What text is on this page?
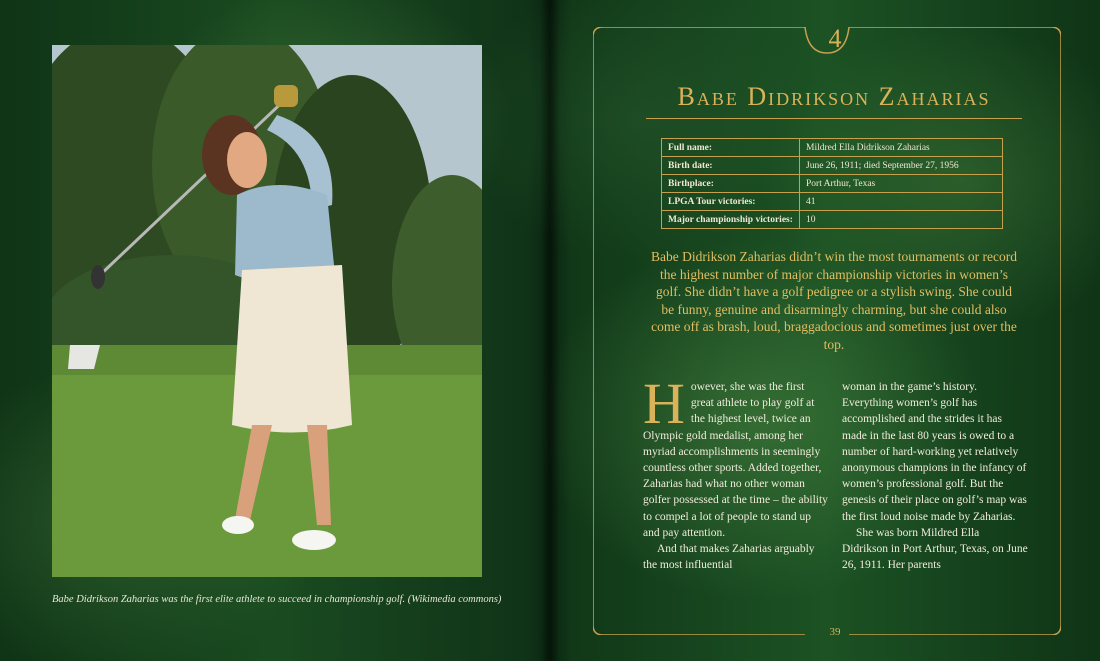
Babe Didrikson Zaharias was the first elite athlete to succeed in championship golf. (Wikimedia commons)
4
39
Babe Didrikson Zaharias
Full name:	Mildred Ella Didrikson Zaharias
Birth date:	June 26, 1911; died September 27, 1956
Birthplace:	Port Arthur, Texas
LPGA Tour victories:	41
Major championship victories:	10
Babe Didrikson Zaharias didn’t win the most tournaments or record the highest number of major championship victories in women’s golf. She didn’t have a golf pedigree or a stylish swing. She could be funny, genuine and disarmingly charming, but she could also come off as brash, loud, braggadocious and sometimes just over the top.

However, she was the first great athlete to play golf at the highest level, twice an Olympic gold medalist, among her myriad accomplishments in seemingly countless other sports. Added together, Zaharias had what no other woman golfer possessed at the time – the ability to compel a lot of people to stand up and pay attention.

And that makes Zaharias arguably the most influential

woman in the game’s history. Everything women’s golf has accomplished and the strides it has made in the last 80 years is owed to a number of hard-working yet relatively anonymous champions in the infancy of women’s professional golf. But the genesis of their place on golf’s map was the first loud noise made by Zaharias.

She was born Mildred Ella Didrikson in Port Arthur, Texas, on June 26, 1911. Her parents
